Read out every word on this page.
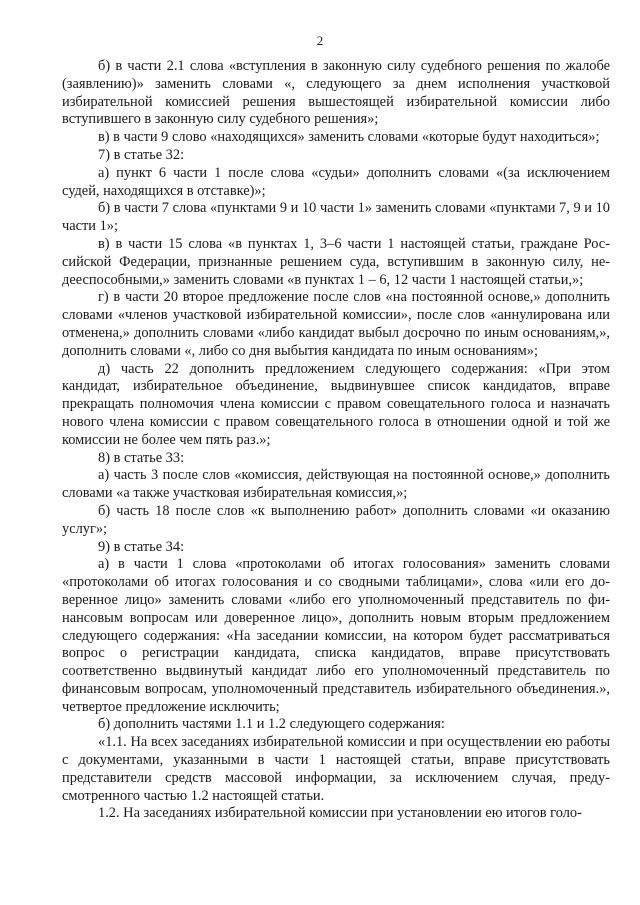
2

б) в части 2.1 слова «вступления в законную силу судебного решения по жалобе (заявлению)» заменить словами «, следующего за днем исполнения участковой избирательной комиссией решения вышестоящей избирательной комиссии либо вступившего в законную силу судебного решения»;

в) в части 9 слово «находящихся» заменить словами «которые будут находиться»;

7) в статье 32:

а) пункт 6 части 1 после слова «судьи» дополнить словами «(за исключением судей, находящихся в отставке)»;

б) в части 7 слова «пунктами 9 и 10 части 1» заменить словами «пунктами 7, 9 и 10 части 1»;

в) в части 15 слова «в пунктах 1, 3–6 части 1 настоящей статьи, граждане Российской Федерации, признанные решением суда, вступившим в законную силу, недееспособными,» заменить словами «в пунктах 1 – 6, 12 части 1 настоящей статьи,»;

г) в части 20 второе предложение после слов «на постоянной основе,» дополнить словами «членов участковой избирательной комиссии», после слов «аннулирована или отменена,» дополнить словами «либо кандидат выбыл досрочно по иным основаниям,», дополнить словами «, либо со дня выбытия кандидата по иным основаниям»;

д) часть 22 дополнить предложением следующего содержания: «При этом кандидат, избирательное объединение, выдвинувшее список кандидатов, вправе прекращать полномочия члена комиссии с правом совещательного голоса и назначать нового члена комиссии с правом совещательного голоса в отношении одной и той же комиссии не более чем пять раз.»;

8) в статье 33:

а) часть 3 после слов «комиссия, действующая на постоянной основе,» дополнить словами «а также участковая избирательная комиссия,»;

б) часть 18 после слов «к выполнению работ» дополнить словами «и оказанию услуг»;

9) в статье 34:

а) в части 1 слова «протоколами об итогах голосования» заменить словами «протоколами об итогах голосования и со сводными таблицами», слова «или его доверенное лицо» заменить словами «либо его уполномоченный представитель по финансовым вопросам или доверенное лицо», дополнить новым вторым предложением следующего содержания: «На заседании комиссии, на котором будет рассматриваться вопрос о регистрации кандидата, списка кандидатов, вправе присутствовать соответственно выдвинутый кандидат либо его уполномоченный представитель по финансовым вопросам, уполномоченный представитель избирательного объединения.», четвертое предложение исключить;

б) дополнить частями 1.1 и 1.2 следующего содержания:

«1.1. На всех заседаниях избирательной комиссии и при осуществлении ею работы с документами, указанными в части 1 настоящей статьи, вправе присутствовать представители средств массовой информации, за исключением случая, предусмотренного частью 1.2 настоящей статьи.

1.2. На заседаниях избирательной комиссии при установлении ею итогов голо-
